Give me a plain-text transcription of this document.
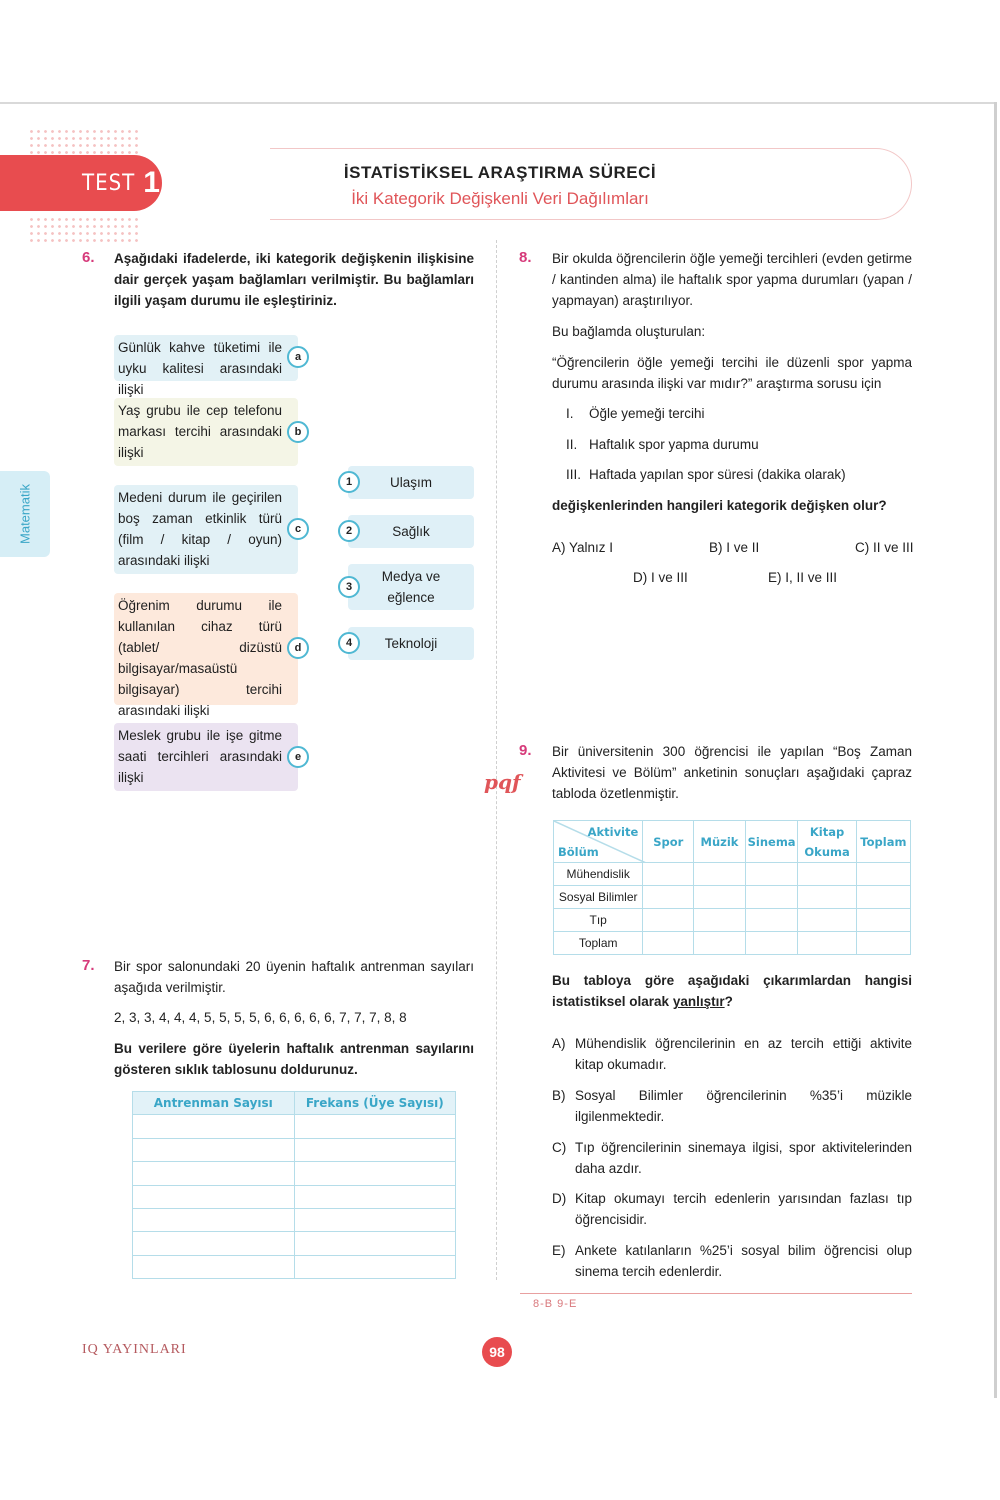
TEST 1	İSTATİSTİKSEL ARAŞTIRMA SÜRECİ
İki Kategorik Değişkenli Veri Dağılımları
Matematik
6. Aşağıdaki ifadelerde, iki kategorik değişkenin ilişkisine dair gerçek yaşam bağlamları verilmiştir. Bu bağlamları ilgili yaşam durumu ile eşleştiriniz.
Günlük kahve tüketimi ile uyku kalitesi arasındaki ilişki
a
Yaş grubu ile cep telefonu markası tercihi arasındaki ilişki
b
Medeni durum ile geçirilen boş zaman etkinlik türü (film / kitap / oyun) arasındaki ilişki
c
Öğrenim durumu ile kullanılan cihaz türü (tablet/ dizüstü bilgisayar/masaüstü bilgisayar) tercihi arasındaki ilişki
d
Meslek grubu ile işe gitme saati tercihleri arasındaki ilişki
e
Ulaşım
1
Sağlık
2
Medya ve eğlence
3
Teknoloji
4
7. Bir spor salonundaki 20 üyenin haftalık antrenman sayıları aşağıda verilmiştir.
2, 3, 3, 4, 4, 4, 5, 5, 5, 5, 6, 6, 6, 6, 6, 7, 7, 7, 8, 8
Bu verilere göre üyelerin haftalık antrenman sayılarını gösteren sıklık tablosunu doldurunuz.
Antrenman Sayısı	Frekans (Üye Sayısı)

8. Bir okulda öğrencilerin öğle yemeği tercihleri (evden getirme / kantinden alma) ile haftalık spor yapma durumları (yapan / yapmayan) araştırılıyor.
Bu bağlamda oluşturulan:
“Öğrencilerin öğle yemeği tercihi ile düzenli spor yapma durumu arasında ilişki var mıdır?” araştırma sorusu için
I. Öğle yemeği tercihi
II. Haftalık spor yapma durumu
III. Haftada yapılan spor süresi (dakika olarak)
değişkenlerinden hangileri kategorik değişken olur?
A) Yalnız I	B) I ve II	C) II ve III
D) I ve III	E) I, II ve III
pqf
9. Bir üniversitenin 300 öğrencisi ile yapılan “Boş Zaman Aktivitesi ve Bölüm” anketinin sonuçları aşağıdaki çapraz tabloda özetlenmiştir.
Aktivite
Bölüm	Spor	Müzik	Sinema	Kitap Okuma	Toplam
Mühendislik					
Sosyal Bilimler					
Tıp					
Toplam					
Bu tabloya göre aşağıdaki çıkarımlardan hangisi istatistiksel olarak yanlıştır?
A) Mühendislik öğrencilerinin en az tercih ettiği aktivite kitap okumadır.
B) Sosyal Bilimler öğrencilerinin %35’i müzikle ilgilenmektedir.
C) Tıp öğrencilerinin sinemaya ilgisi, spor aktivitelerinden daha azdır.
D) Kitap okumayı tercih edenlerin yarısından fazlası tıp öğrencisidir.
E) Ankete katılanların %25’i sosyal bilim öğrencisi olup sinema tercih edenlerdir.
8-B 9-E
IQ YAYINLARI	98
